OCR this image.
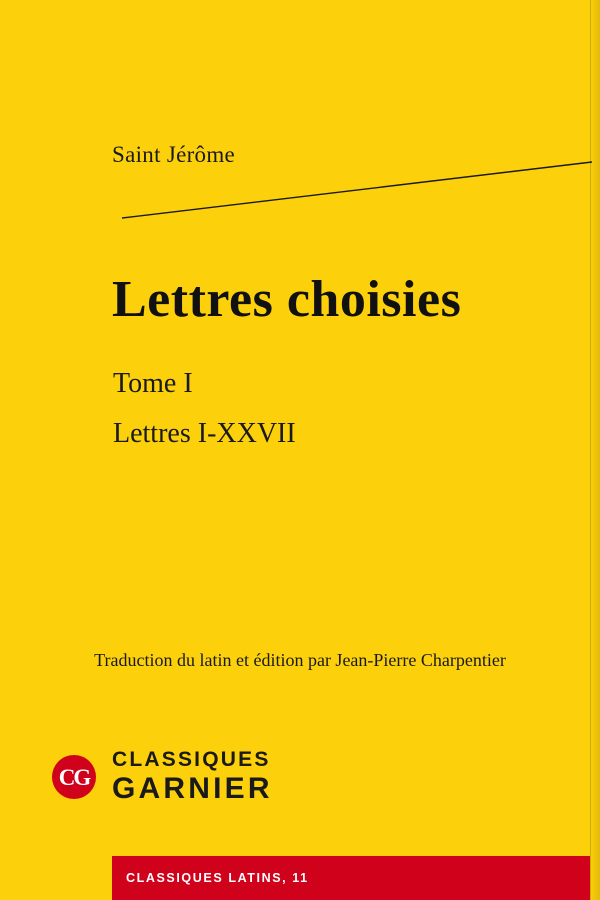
Saint Jérôme
Lettres choisies
Tome I
Lettres I-XXVII
Traduction du latin et édition par Jean-Pierre Charpentier
CG
CLASSIQUES
GARNIER
CLASSIQUES LATINS, 11
